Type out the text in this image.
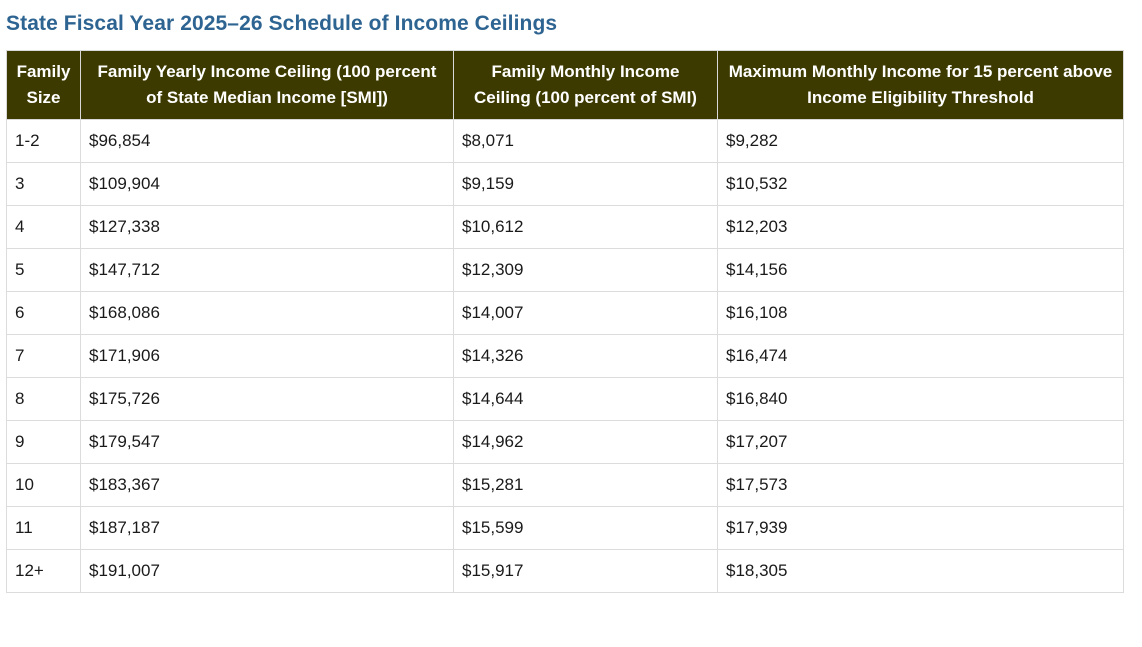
State Fiscal Year 2025–26 Schedule of Income Ceilings
Family Size	Family Yearly Income Ceiling (100 percent of State Median Income [SMI])	Family Monthly Income Ceiling (100 percent of SMI)	Maximum Monthly Income for 15 percent above Income Eligibility Threshold
1-2	$96,854	$8,071	$9,282
3	$109,904	$9,159	$10,532
4	$127,338	$10,612	$12,203
5	$147,712	$12,309	$14,156
6	$168,086	$14,007	$16,108
7	$171,906	$14,326	$16,474
8	$175,726	$14,644	$16,840
9	$179,547	$14,962	$17,207
10	$183,367	$15,281	$17,573
11	$187,187	$15,599	$17,939
12+	$191,007	$15,917	$18,305
